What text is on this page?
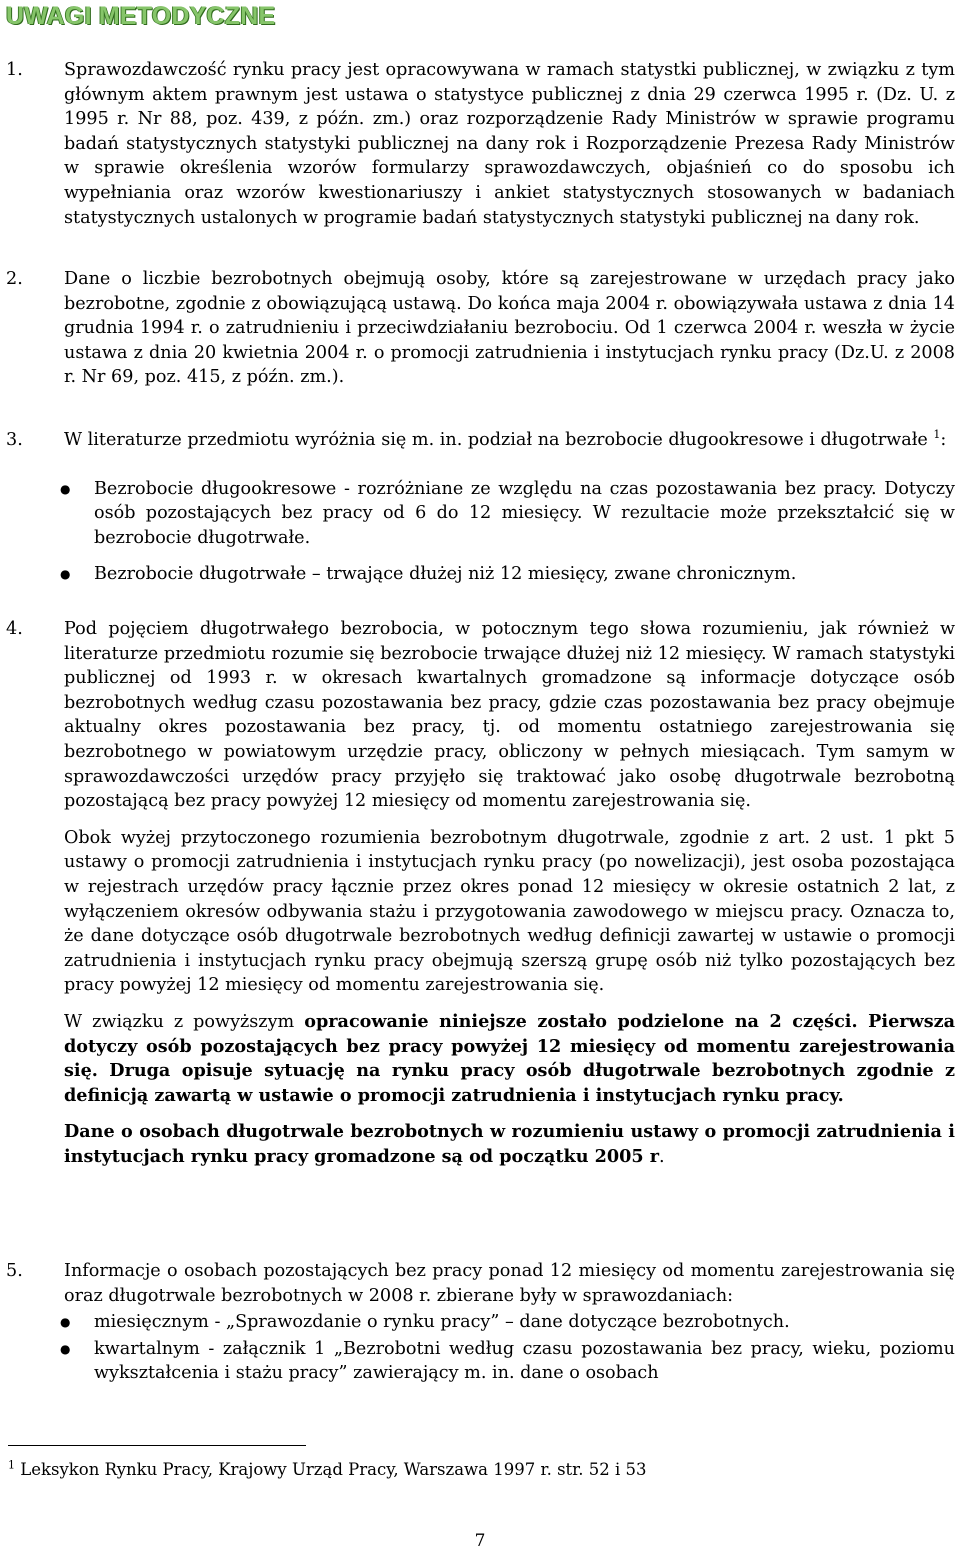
UWAGI METODYCZNE
1. Sprawozdawczość rynku pracy jest opracowywana w ramach statystki publicznej, w związku z tym głównym aktem prawnym jest ustawa o statystyce publicznej z dnia 29 czerwca 1995 r. (Dz. U. z 1995 r. Nr 88, poz. 439, z późn. zm.) oraz rozporządzenie Rady Ministrów w sprawie programu badań statystycznych statystyki publicznej na dany rok i Rozporządzenie Prezesa Rady Ministrów w sprawie określenia wzorów formularzy sprawozdawczych, objaśnień co do sposobu ich wypełniania oraz wzorów kwestionariuszy i ankiet statystycznych stosowanych w badaniach statystycznych ustalonych w programie badań statystycznych statystyki publicznej na dany rok.

2. Dane o liczbie bezrobotnych obejmują osoby, które są zarejestrowane w urzędach pracy jako bezrobotne, zgodnie z obowiązującą ustawą. Do końca maja 2004 r. obowiązywała ustawa z dnia 14 grudnia 1994 r. o zatrudnieniu i przeciwdziałaniu bezrobociu. Od 1 czerwca 2004 r. weszła w życie ustawa z dnia 20 kwietnia 2004 r. o promocji zatrudnienia i instytucjach rynku pracy (Dz.U. z 2008 r. Nr 69, poz. 415, z późn. zm.).

3. W literaturze przedmiotu wyróżnia się m. in. podział na bezrobocie długookresowe i długotrwałe $^1$:

● Bezrobocie długookresowe - rozróżniane ze względu na czas pozostawania bez pracy. Dotyczy osób pozostających bez pracy od 6 do 12 miesięcy. W rezultacie może przekształcić się w bezrobocie długotrwałe.

● Bezrobocie długotrwałe – trwające dłużej niż 12 miesięcy, zwane chronicznym.

4. Pod pojęciem długotrwałego bezrobocia, w potocznym tego słowa rozumieniu, jak również w literaturze przedmiotu rozumie się bezrobocie trwające dłużej niż 12 miesięcy. W ramach statystyki publicznej od 1993 r. w okresach kwartalnych gromadzone są informacje dotyczące osób bezrobotnych według czasu pozostawania bez pracy, gdzie czas pozostawania bez pracy obejmuje aktualny okres pozostawania bez pracy, tj. od momentu ostatniego zarejestrowania się bezrobotnego w powiatowym urzędzie pracy, obliczony w pełnych miesiącach. Tym samym w sprawozdawczości urzędów pracy przyjęło się traktować jako osobę długotrwale bezrobotną pozostającą bez pracy powyżej 12 miesięcy od momentu zarejestrowania się.

Obok wyżej przytoczonego rozumienia bezrobotnym długotrwale, zgodnie z art. 2 ust. 1 pkt 5 ustawy o promocji zatrudnienia i instytucjach rynku pracy (po nowelizacji), jest osoba pozostająca w rejestrach urzędów pracy łącznie przez okres ponad 12 miesięcy w okresie ostatnich 2 lat, z wyłączeniem okresów odbywania stażu i przygotowania zawodowego w miejscu pracy. Oznacza to, że dane dotyczące osób długotrwale bezrobotnych według definicji zawartej w ustawie o promocji zatrudnienia i instytucjach rynku pracy obejmują szerszą grupę osób niż tylko pozostających bez pracy powyżej 12 miesięcy od momentu zarejestrowania się.

W związku z powyższym opracowanie niniejsze zostało podzielone na 2 części. Pierwsza dotyczy osób pozostających bez pracy powyżej 12 miesięcy od momentu zarejestrowania się. Druga opisuje sytuację na rynku pracy osób długotrwale bezrobotnych zgodnie z definicją zawartą w ustawie o promocji zatrudnienia i instytucjach rynku pracy.

Dane o osobach długotrwale bezrobotnych w rozumieniu ustawy o promocji zatrudnienia i instytucjach rynku pracy gromadzone są od początku 2005 r.

5. Informacje o osobach pozostających bez pracy ponad 12 miesięcy od momentu zarejestrowania się oraz długotrwale bezrobotnych w 2008 r. zbierane były w sprawozdaniach:

● miesięcznym - „Sprawozdanie o rynku pracy” – dane dotyczące bezrobotnych.

● kwartalnym - załącznik 1 „Bezrobotni według czasu pozostawania bez pracy, wieku, poziomu wykształcenia i stażu pracy” zawierający m. in. dane o osobach

$^1$ Leksykon Rynku Pracy, Krajowy Urząd Pracy, Warszawa 1997 r. str. 52 i 53
7
